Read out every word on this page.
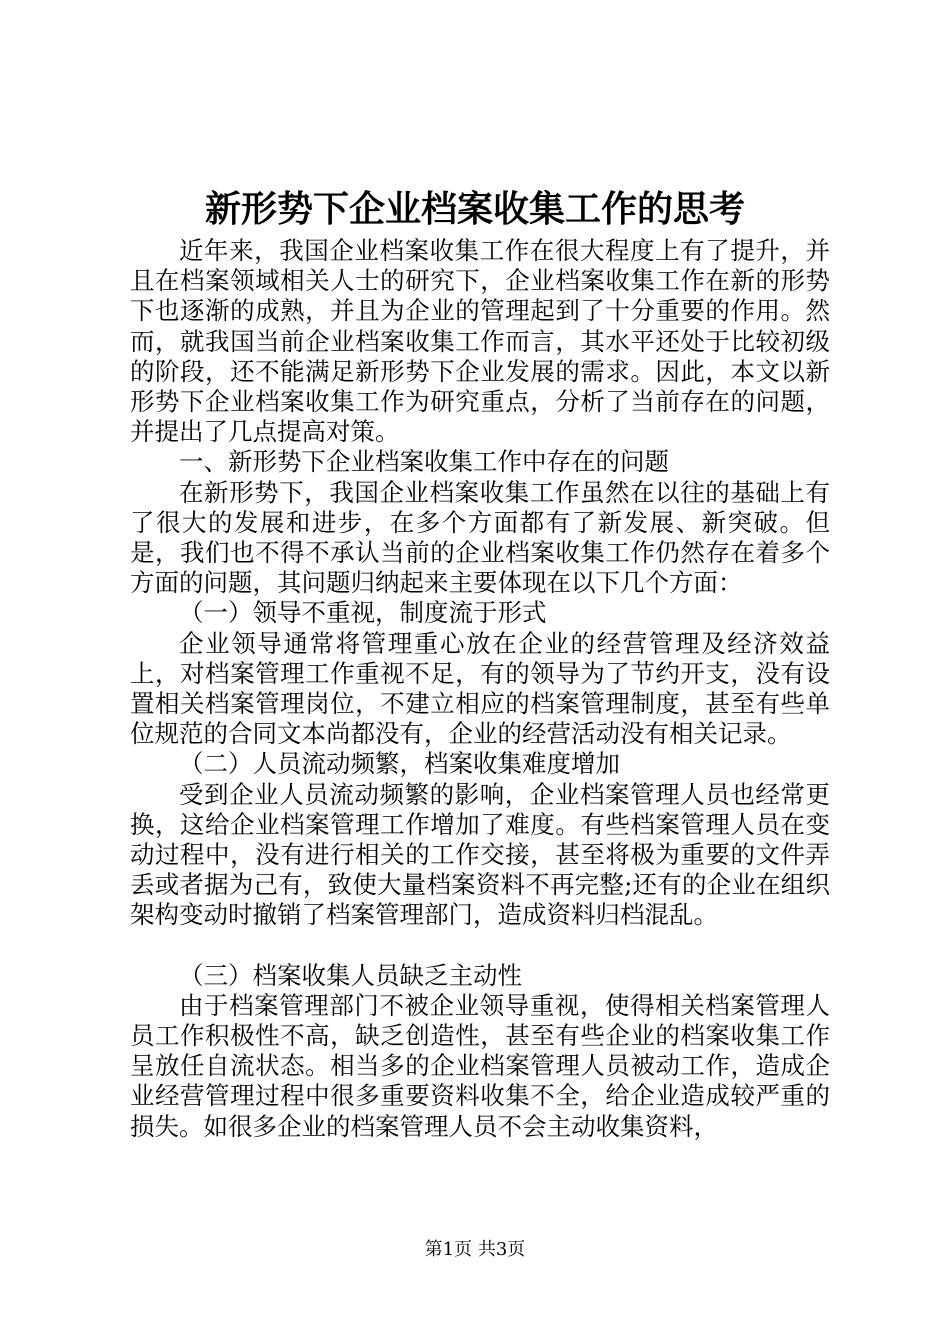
新形势下企业档案收集工作的思考

近年来，我国企业档案收集工作在很大程度上有了提升，并且在档案领域相关人士的研究下，企业档案收集工作在新的形势下也逐渐的成熟，并且为企业的管理起到了十分重要的作用。然而，就我国当前企业档案收集工作而言，其水平还处于比较初级的阶段，还不能满足新形势下企业发展的需求。因此，本文以新形势下企业档案收集工作为研究重点，分析了当前存在的问题，并提出了几点提高对策。

一、新形势下企业档案收集工作中存在的问题

在新形势下，我国企业档案收集工作虽然在以往的基础上有了很大的发展和进步，在多个方面都有了新发展、新突破。但是，我们也不得不承认当前的企业档案收集工作仍然存在着多个方面的问题，其问题归纳起来主要体现在以下几个方面：

（一）领导不重视，制度流于形式

企业领导通常将管理重心放在企业的经营管理及经济效益上，对档案管理工作重视不足，有的领导为了节约开支，没有设置相关档案管理岗位，不建立相应的档案管理制度，甚至有些单位规范的合同文本尚都没有，企业的经营活动没有相关记录。

（二）人员流动频繁，档案收集难度增加

受到企业人员流动频繁的影响，企业档案管理人员也经常更换，这给企业档案管理工作增加了难度。有些档案管理人员在变动过程中，没有进行相关的工作交接，甚至将极为重要的文件弄丢或者据为己有，致使大量档案资料不再完整;还有的企业在组织架构变动时撤销了档案管理部门，造成资料归档混乱。

（三）档案收集人员缺乏主动性

由于档案管理部门不被企业领导重视，使得相关档案管理人员工作积极性不高，缺乏创造性，甚至有些企业的档案收集工作呈放任自流状态。相当多的企业档案管理人员被动工作，造成企业经营管理过程中很多重要资料收集不全，给企业造成较严重的损失。如很多企业的档案管理人员不会主动收集资料，

第1页 共3页
